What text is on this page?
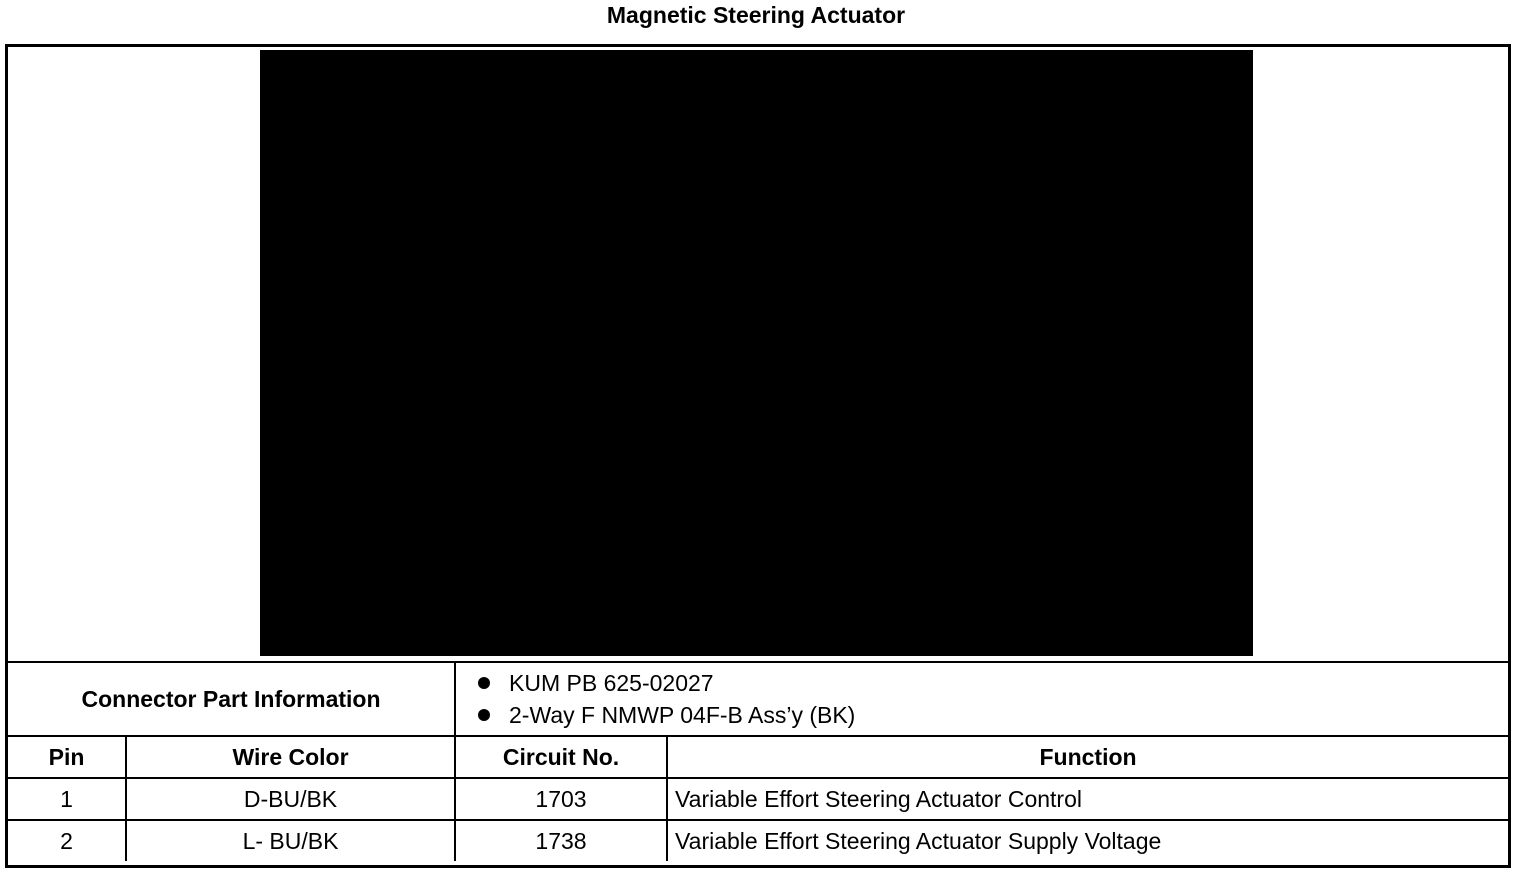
Magnetic Steering Actuator
Connector Part Information		KUM PB 625-02027
2-Way F NMWP 04F-B Ass’y (BK)	

Pin	Wire Color	Circuit No.	Function
1	D-BU/BK	1703	Variable Effort Steering Actuator Control
2	L- BU/BK	1738	Variable Effort Steering Actuator Supply Voltage
